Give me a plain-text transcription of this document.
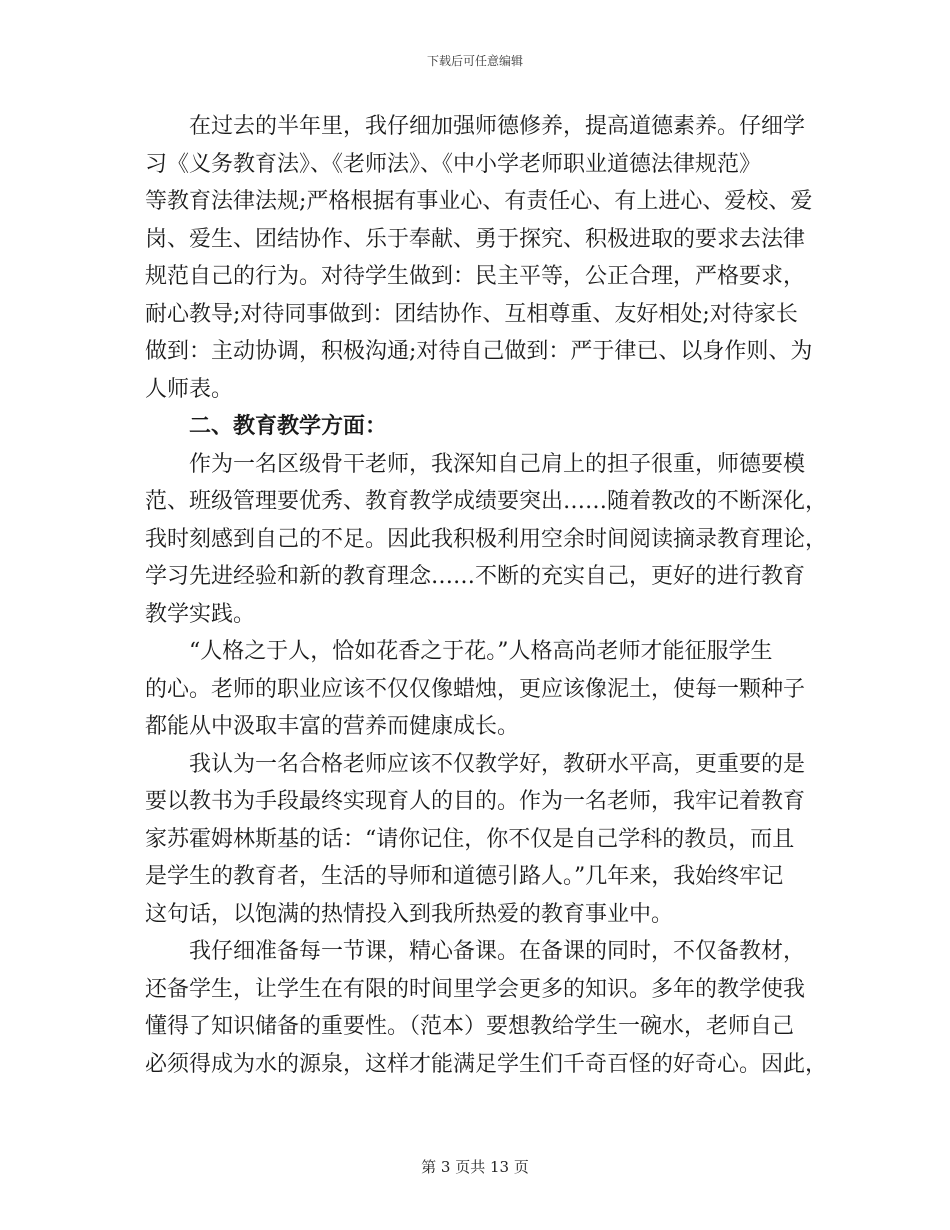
下载后可任意编辑
在过去的半年里，我仔细加强师德修养，提高道德素养。仔细学
习《义务教育法》、《老师法》、《中小学老师职业道德法律规范》
等教育法律法规;严格根据有事业心、有责任心、有上进心、爱校、爱
岗、爱生、团结协作、乐于奉献、勇于探究、积极进取的要求去法律
规范自己的行为。对待学生做到：民主平等，公正合理，严格要求，
耐心教导;对待同事做到：团结协作、互相尊重、友好相处;对待家长
做到：主动协调，积极沟通;对待自己做到：严于律已、以身作则、为
人师表。
二、教育教学方面：
作为一名区级骨干老师，我深知自己肩上的担子很重，师德要模
范、班级管理要优秀、教育教学成绩要突出……随着教改的不断深化，
我时刻感到自己的不足。因此我积极利用空余时间阅读摘录教育理论，
学习先进经验和新的教育理念……不断的充实自己，更好的进行教育
教学实践。
“人格之于人，恰如花香之于花。”人格高尚老师才能征服学生
的心。老师的职业应该不仅仅像蜡烛，更应该像泥土，使每一颗种子
都能从中汲取丰富的营养而健康成长。
我认为一名合格老师应该不仅教学好，教研水平高，更重要的是
要以教书为手段最终实现育人的目的。作为一名老师，我牢记着教育
家苏霍姆林斯基的话：“请你记住，你不仅是自己学科的教员，而且
是学生的教育者，生活的导师和道德引路人。”几年来，我始终牢记
这句话，以饱满的热情投入到我所热爱的教育事业中。
我仔细准备每一节课，精心备课。在备课的同时，不仅备教材，
还备学生，让学生在有限的时间里学会更多的知识。多年的教学使我
懂得了知识储备的重要性。（范本）要想教给学生一碗水，老师自己
必须得成为水的源泉，这样才能满足学生们千奇百怪的好奇心。因此，
第 3 页共 13 页
